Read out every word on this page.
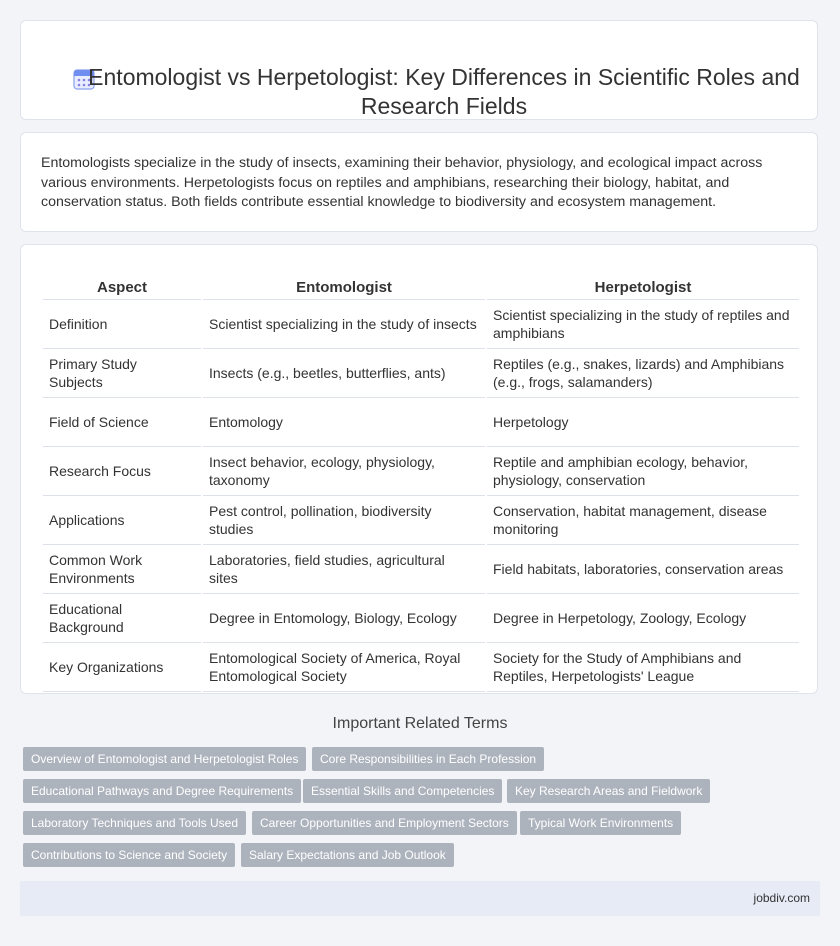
Entomologist vs Herpetologist: Key Differences in Scientific Roles and Research Fields

Entomologists specialize in the study of insects, examining their behavior, physiology, and ecological impact across various environments. Herpetologists focus on reptiles and amphibians, researching their biology, habitat, and conservation status. Both fields contribute essential knowledge to biodiversity and ecosystem management.

Aspect	Entomologist	Herpetologist
Definition	Scientist specializing in the study of insects	Scientist specializing in the study of reptiles and amphibians
Primary Study Subjects	Insects (e.g., beetles, butterflies, ants)	Reptiles (e.g., snakes, lizards) and Amphibians (e.g., frogs, salamanders)
Field of Science	Entomology	Herpetology
Research Focus	Insect behavior, ecology, physiology, taxonomy	Reptile and amphibian ecology, behavior, physiology, conservation
Applications	Pest control, pollination, biodiversity studies	Conservation, habitat management, disease monitoring
Common Work Environments	Laboratories, field studies, agricultural sites	Field habitats, laboratories, conservation areas
Educational Background	Degree in Entomology, Biology, Ecology	Degree in Herpetology, Zoology, Ecology
Key Organizations	Entomological Society of America, Royal Entomological Society	Society for the Study of Amphibians and Reptiles, Herpetologists' League
Important Related Terms
Overview of Entomologist and Herpetologist Roles	Core Responsibilities in Each Profession
Educational Pathways and Degree Requirements	Essential Skills and Competencies	Key Research Areas and Fieldwork
Laboratory Techniques and Tools Used	Career Opportunities and Employment Sectors	Typical Work Environments
Contributions to Science and Society	Salary Expectations and Job Outlook
jobdiv.com
